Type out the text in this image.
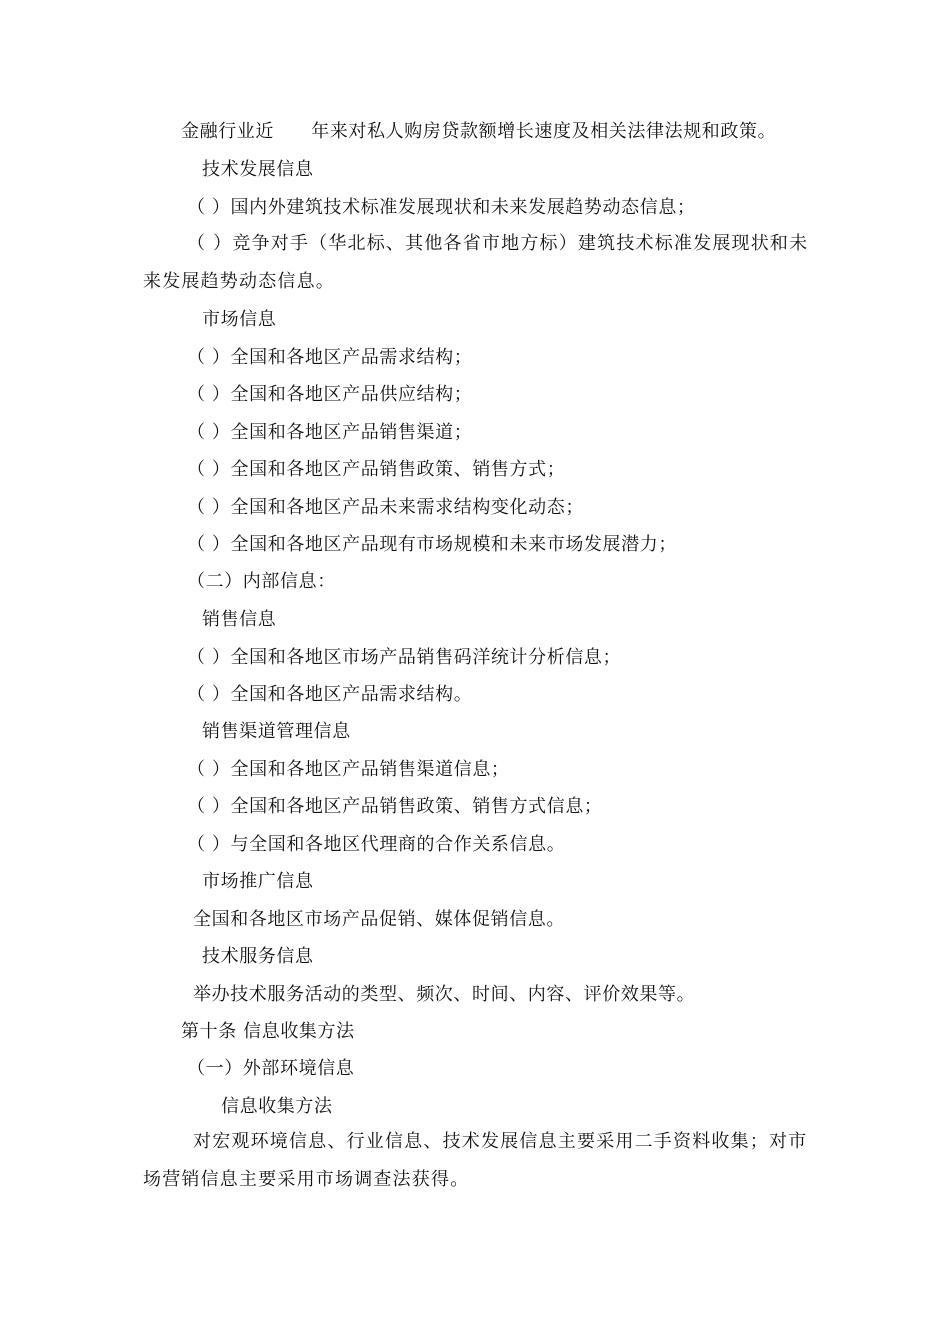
金融行业近　　年来对私人购房贷款额增长速度及相关法律法规和政策。
技术发展信息
（ ）国内外建筑技术标准发展现状和未来发展趋势动态信息；
（ ）竞争对手（华北标、其他各省市地方标）建筑技术标准发展现状和未来发展趋势动态信息。
市场信息
（ ）全国和各地区产品需求结构；
（ ）全国和各地区产品供应结构；
（ ）全国和各地区产品销售渠道；
（ ）全国和各地区产品销售政策、销售方式；
（ ）全国和各地区产品未来需求结构变化动态；
（ ）全国和各地区产品现有市场规模和未来市场发展潜力；
（二）内部信息：
销售信息
（ ）全国和各地区市场产品销售码洋统计分析信息；
（ ）全国和各地区产品需求结构。
销售渠道管理信息
（ ）全国和各地区产品销售渠道信息；
（ ）全国和各地区产品销售政策、销售方式信息；
（ ）与全国和各地区代理商的合作关系信息。
市场推广信息
全国和各地区市场产品促销、媒体促销信息。
技术服务信息
举办技术服务活动的类型、频次、时间、内容、评价效果等。
第十条 信息收集方法
（一）外部环境信息
信息收集方法
对宏观环境信息、行业信息、技术发展信息主要采用二手资料收集；对市场营销信息主要采用市场调查法获得。
